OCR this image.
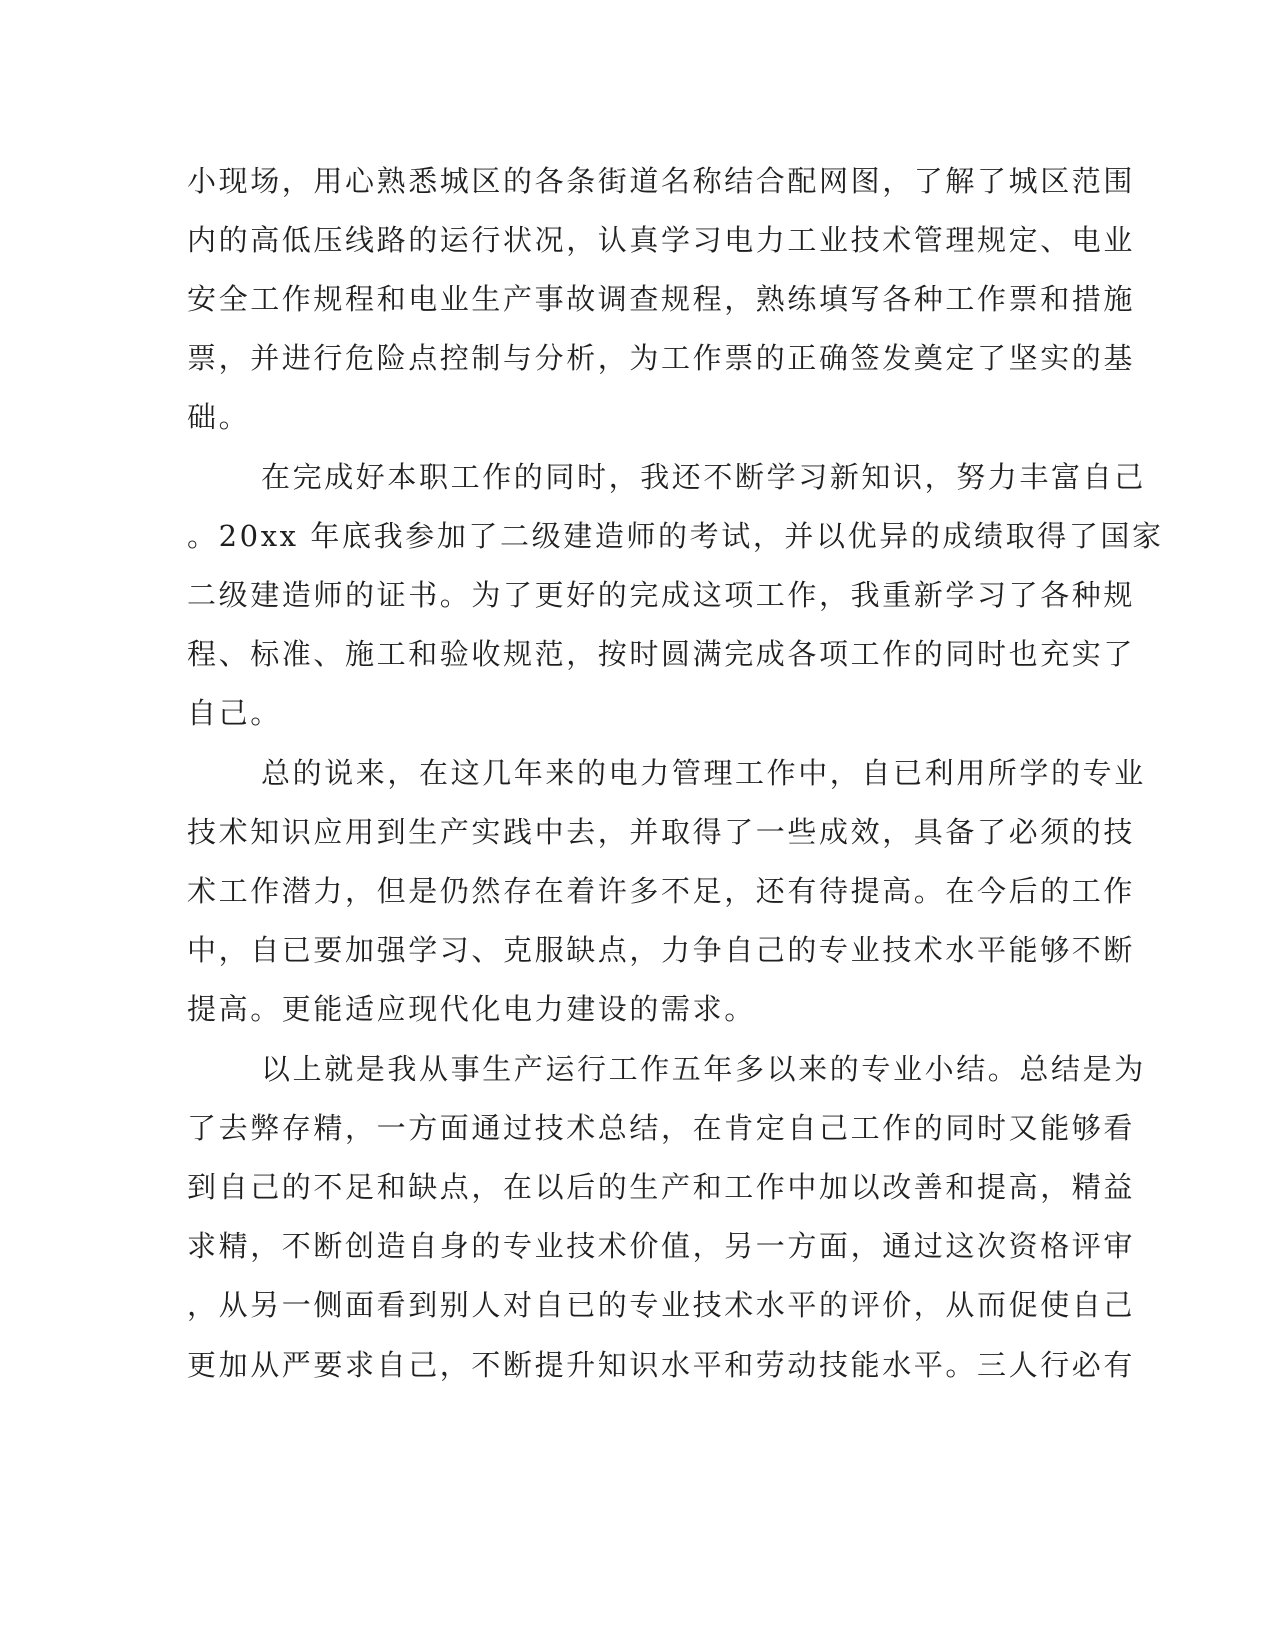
小现场，用心熟悉城区的各条街道名称结合配网图，了解了城区范围
内的高低压线路的运行状况，认真学习电力工业技术管理规定、电业
安全工作规程和电业生产事故调查规程，熟练填写各种工作票和措施
票，并进行危险点控制与分析，为工作票的正确签发奠定了坚实的基
础。
在完成好本职工作的同时，我还不断学习新知识，努力丰富自己
。20xx 年底我参加了二级建造师的考试，并以优异的成绩取得了国家
二级建造师的证书。为了更好的完成这项工作，我重新学习了各种规
程、标准、施工和验收规范，按时圆满完成各项工作的同时也充实了
自己。
总的说来，在这几年来的电力管理工作中，自已利用所学的专业
技术知识应用到生产实践中去，并取得了一些成效，具备了必须的技
术工作潜力，但是仍然存在着许多不足，还有待提高。在今后的工作
中，自已要加强学习、克服缺点，力争自己的专业技术水平能够不断
提高。更能适应现代化电力建设的需求。
以上就是我从事生产运行工作五年多以来的专业小结。总结是为
了去弊存精，一方面通过技术总结，在肯定自己工作的同时又能够看
到自己的不足和缺点，在以后的生产和工作中加以改善和提高，精益
求精，不断创造自身的专业技术价值，另一方面，通过这次资格评审
，从另一侧面看到别人对自已的专业技术水平的评价，从而促使自己
更加从严要求自己，不断提升知识水平和劳动技能水平。三人行必有
